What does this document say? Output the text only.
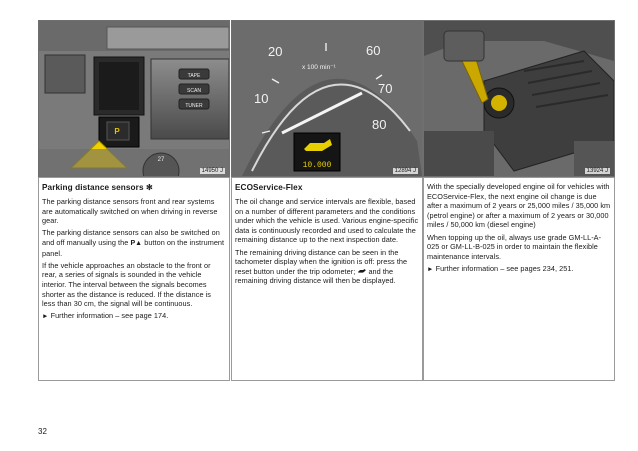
TAPE
SCAN
TUNER
P
27
14950 J
Parking distance sensors ✻

The parking distance sensors front and rear systems are automatically switched on when driving in reverse gear.

The parking distance sensors can also be switched on and off manually using the P▲ button on the instrument panel.

If the vehicle approaches an obstacle to the front or rear, a series of signals is sounded in the vehicle interior. The interval between the signals becomes shorter as the distance is reduced. If the distance is less than 30 cm, the signal will be continuous.

► Further information – see page 174.

20
10
60
70
80
x 100 min⁻¹
10.000
12894 J
ECOService-Flex

The oil change and service intervals are flexible, based on a number of different parameters and the conditions under which the vehicle is used. Various engine-specific data is continuously recorded and used to calculate the remaining distance up to the next inspection date.

The remaining driving distance can be seen in the tachometer display when the ignition is off: press the reset button under the trip odometer; and the remaining driving distance will then be displayed.

13924 J

With the specially developed engine oil for vehicles with ECOService-Flex, the next engine oil change is due after a maximum of 2 years or 25,000 miles / 35,000 km (petrol engine) or after a maximum of 2 years or 30,000 miles / 50,000 km (diesel engine)

When topping up the oil, always use grade GM-LL-A-025 or GM-LL-B-025 in order to maintain the flexible maintenance intervals.

► Further information – see pages 234, 251.

32
